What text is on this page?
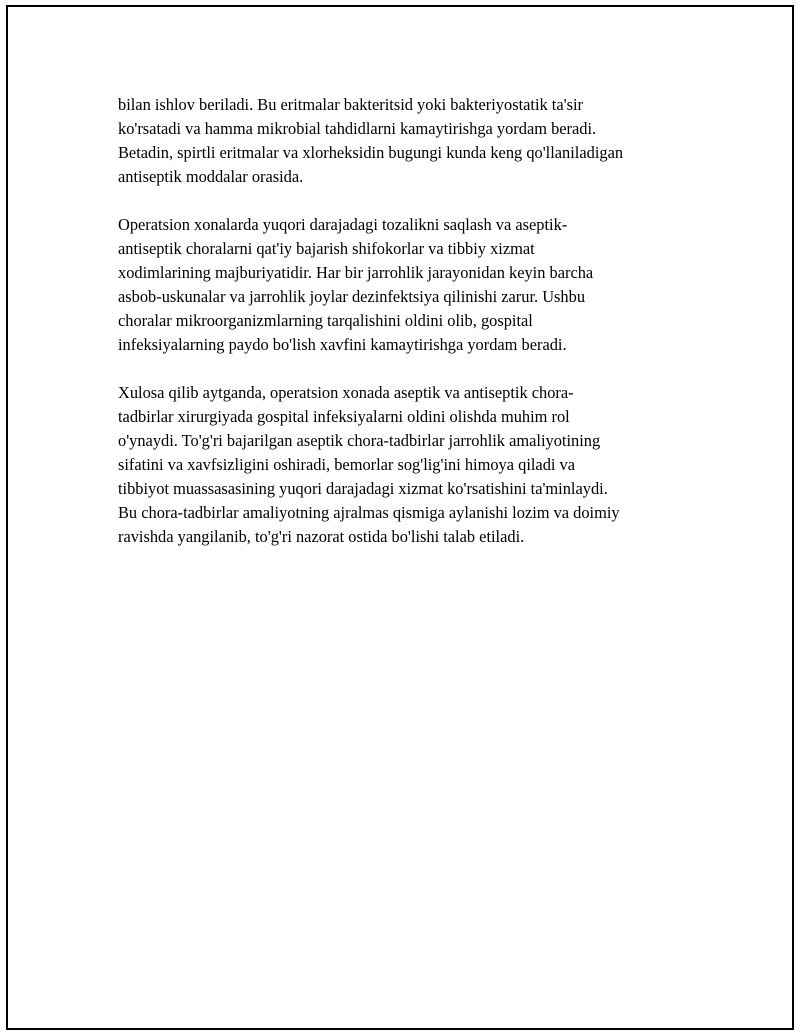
bilan ishlov beriladi. Bu eritmalar bakteritsid yoki bakteriyostatik ta'sir
ko'rsatadi va hamma mikrobial tahdidlarni kamaytirishga yordam beradi.
Betadin, spirtli eritmalar va xlorheksidin bugungi kunda keng qo'llaniladigan
antiseptik moddalar orasida.

Operatsion xonalarda yuqori darajadagi tozalikni saqlash va aseptik-
antiseptik choralarni qat'iy bajarish shifokorlar va tibbiy xizmat
xodimlarining majburiyatidir. Har bir jarrohlik jarayonidan keyin barcha
asbob-uskunalar va jarrohlik joylar dezinfektsiya qilinishi zarur. Ushbu
choralar mikroorganizmlarning tarqalishini oldini olib, gospital
infeksiyalarning paydo bo'lish xavfini kamaytirishga yordam beradi.

Xulosa qilib aytganda, operatsion xonada aseptik va antiseptik chora-
tadbirlar xirurgiyada gospital infeksiyalarni oldini olishda muhim rol
o'ynaydi. To'g'ri bajarilgan aseptik chora-tadbirlar jarrohlik amaliyotining
sifatini va xavfsizligini oshiradi, bemorlar sog'lig'ini himoya qiladi va
tibbiyot muassasasining yuqori darajadagi xizmat ko'rsatishini ta'minlaydi.
Bu chora-tadbirlar amaliyotning ajralmas qismiga aylanishi lozim va doimiy
ravishda yangilanib, to'g'ri nazorat ostida bo'lishi talab etiladi.
